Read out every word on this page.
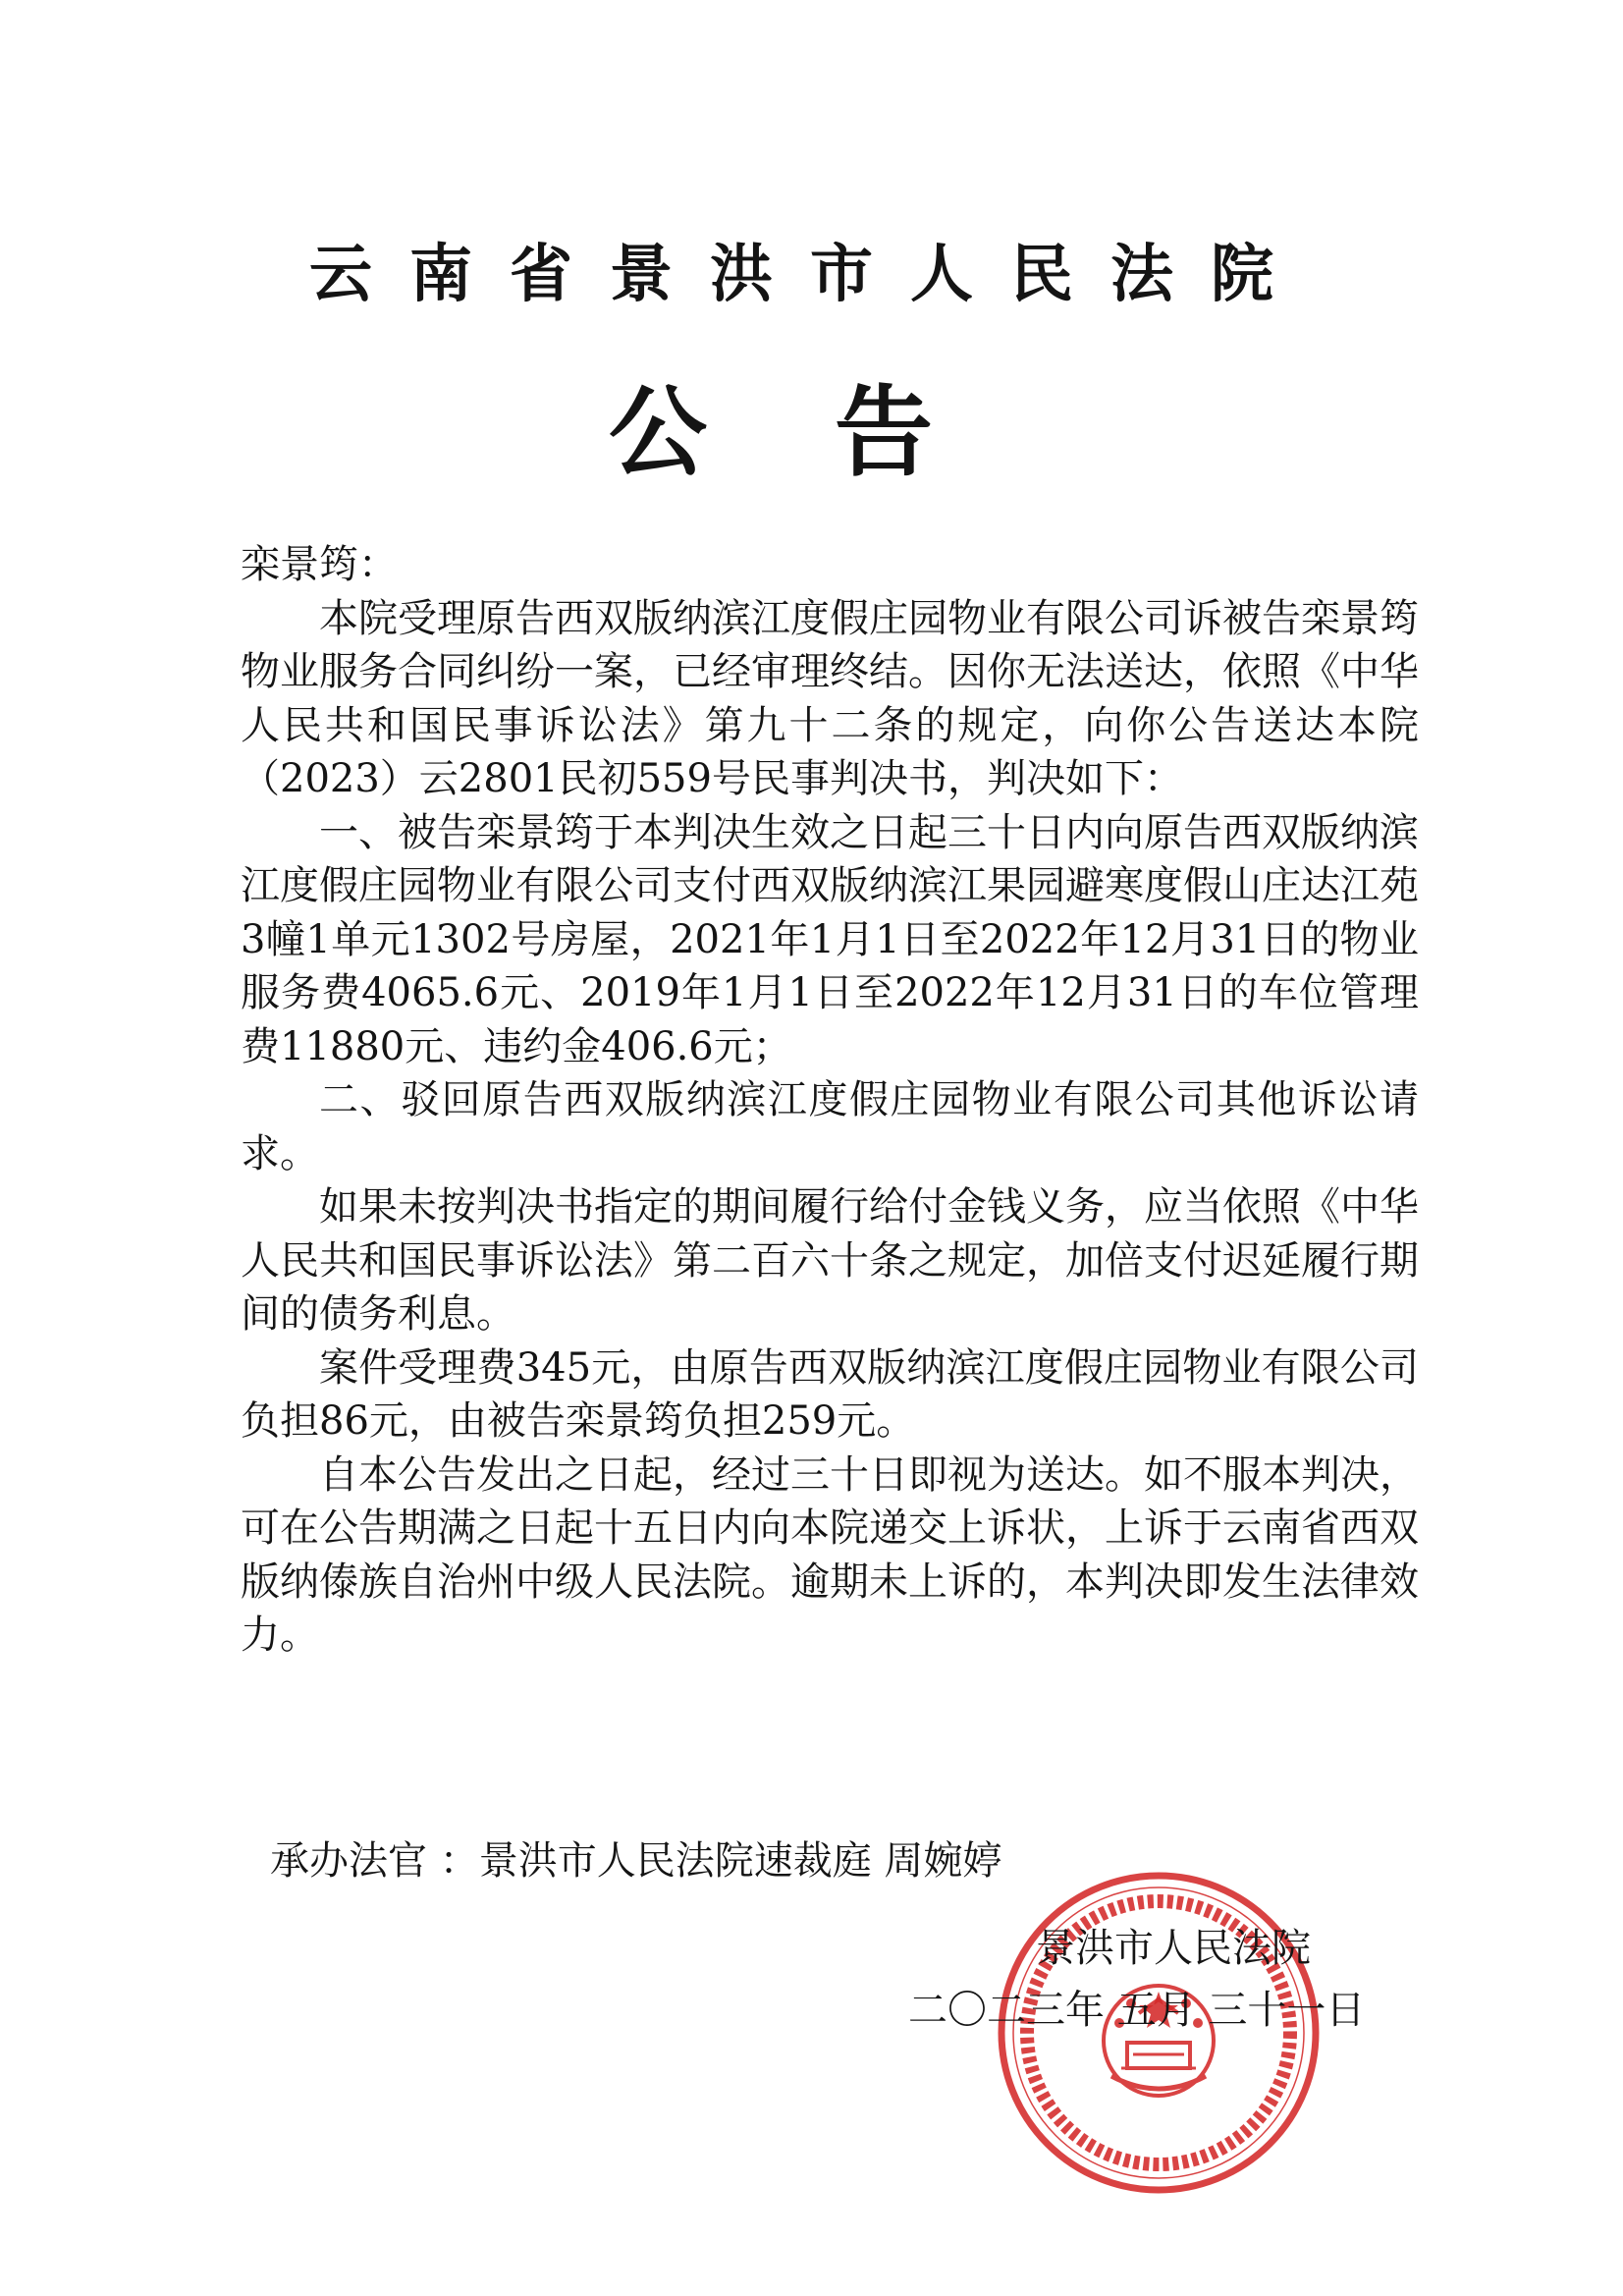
云南省景洪市人民法院
公告

栾景筠：

本院受理原告西双版纳滨江度假庄园物业有限公司诉被告栾景筠物业服务合同纠纷一案，已经审理终结。因你无法送达，依照《中华人民共和国民事诉讼法》第九十二条的规定，向你公告送达本院（2023）云2801民初559号民事判决书，判决如下：

一、被告栾景筠于本判决生效之日起三十日内向原告西双版纳滨江度假庄园物业有限公司支付西双版纳滨江果园避寒度假山庄达江苑3幢1单元1302号房屋，2021年1月1日至2022年12月31日的物业服务费4065.6元、2019年1月1日至2022年12月31日的车位管理费11880元、违约金406.6元；

二、驳回原告西双版纳滨江度假庄园物业有限公司其他诉讼请求。

如果未按判决书指定的期间履行给付金钱义务，应当依照《中华人民共和国民事诉讼法》第二百六十条之规定，加倍支付迟延履行期间的债务利息。

案件受理费345元，由原告西双版纳滨江度假庄园物业有限公司负担86元，由被告栾景筠负担259元。

自本公告发出之日起，经过三十日即视为送达。如不服本判决，可在公告期满之日起十五日内向本院递交上诉状，上诉于云南省西双版纳傣族自治州中级人民法院。逾期未上诉的，本判决即发生法律效力。

承办法官 ：景洪市人民法院速裁庭 周婉婷
景洪市人民法院
二〇二三年 五月 三十一日
